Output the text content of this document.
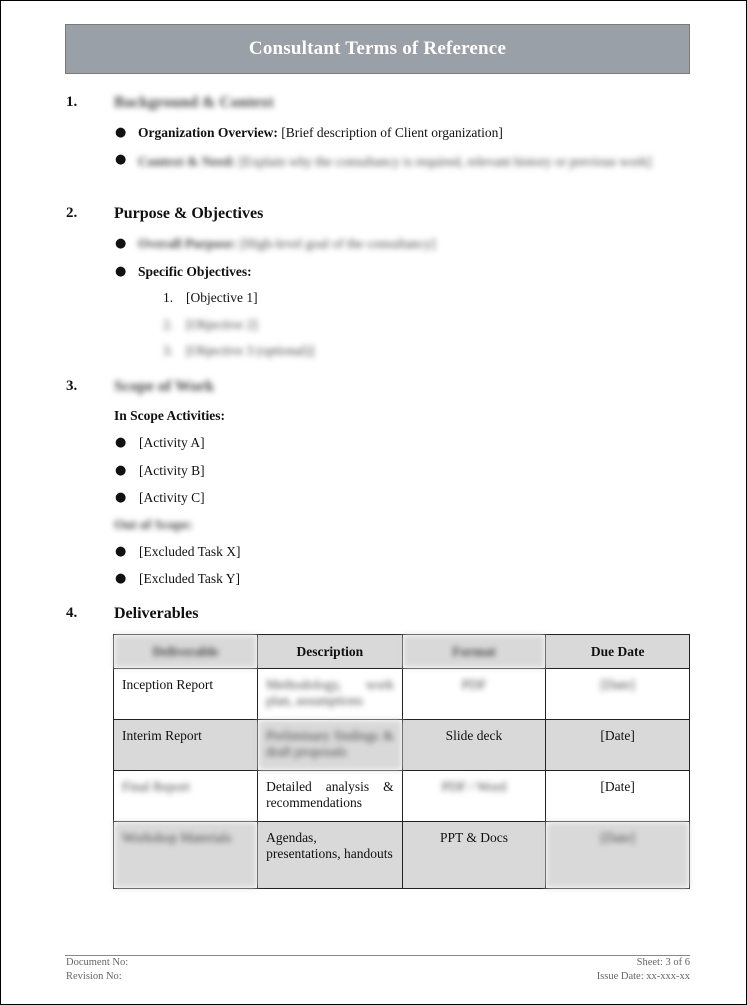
Consultant Terms of Reference
1. Background & Context
● Organization Overview: [Brief description of Client organization]
● Context & Need: [Explain why the consultancy is required, relevant history or previous work]
2. Purpose & Objectives
● Overall Purpose: [High-level goal of the consultancy]
● Specific Objectives:
1. [Objective 1]
2. [Objective 2]
3. [Objective 3 (optional)]
3. Scope of Work
In Scope Activities:
● [Activity A]
● [Activity B]
● [Activity C]
Out of Scope:
● [Excluded Task X]
● [Excluded Task Y]
4. Deliverables
Deliverable	Description	Format	Due Date
Inception Report	Methodology, work plan, assumptions	PDF	[Date]
Interim Report	Preliminary findings & draft proposals	Slide deck	[Date]
Final Report	Detailed analysis & recommendations	PDF / Word	[Date]
Workshop Materials	Agendas, presentations, handouts	PPT & Docs	[Date]
Document No:
Revision No:
Sheet: 3 of 6
Issue Date: xx-xxx-xx
